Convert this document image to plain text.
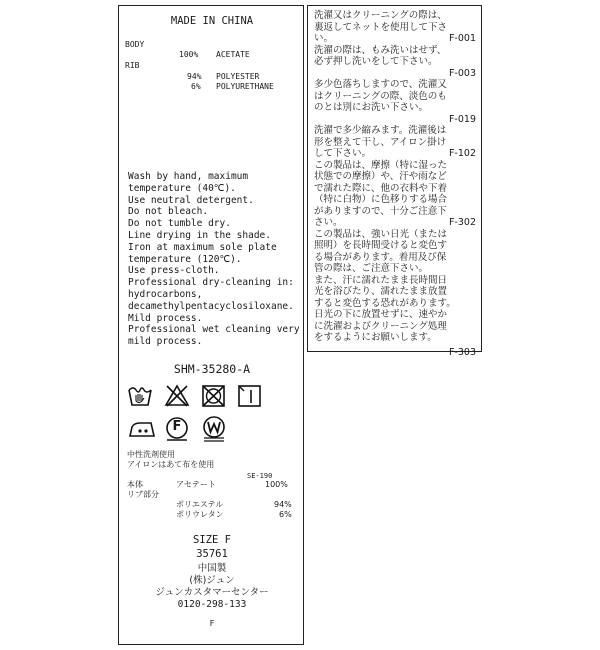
MADE IN CHINA
BODY
100% ACETATE
RIB
94% POLYESTER
6% POLYURETHANE
Wash by hand, maximum
temperature (40℃).
Use neutral detergent.
Do not bleach.
Do not tumble dry.
Line drying in the shade.
Iron at maximum sole plate
temperature (120℃).
Use press-cloth.
Professional dry-cleaning in:
hydrocarbons,
decamethylpentacyclosiloxane.
Mild process.
Professional wet cleaning very
mild process.
SHM-35280-A
F
中性洗剤使用
アイロンはあて布を使用
SE-190
本体	アセテート	100%
リブ部分
ポリエステル	94%
ポリウレタン	6%
SIZE F
35761
中国製
(株)ジュン
ジュンカスタマーセンター
0120-298-133
F
洗濯又はクリーニングの際は、
裏返してネットを使用して下さ
い。	F-001
洗濯の際は、もみ洗いはせず、
必ず押し洗いをして下さい。
F-003
多少色落ちしますので、洗濯又
はクリーニングの際、淡色のも
のとは別にお洗い下さい。
F-019
洗濯で多少縮みます。洗濯後は
形を整えて干し、アイロン掛け
して下さい。	F-102
この製品は、摩擦（特に湿った
状態での摩擦）や、汗や雨など
で濡れた際に、他の衣料や下着
（特に白物）に色移りする場合
がありますので、十分ご注意下
さい。	F-302
この製品は、強い日光（または
照明）を長時間受けると変色す
る場合があります。着用及び保
管の際は、ご注意下さい。
また、汗に濡れたまま長時間日
光を浴びたり、濡れたまま放置
すると変色する恐れがあります。
日光の下に放置せずに、速やか
に洗濯およびクリーニング処理
をするようにお願いします。
F-303
